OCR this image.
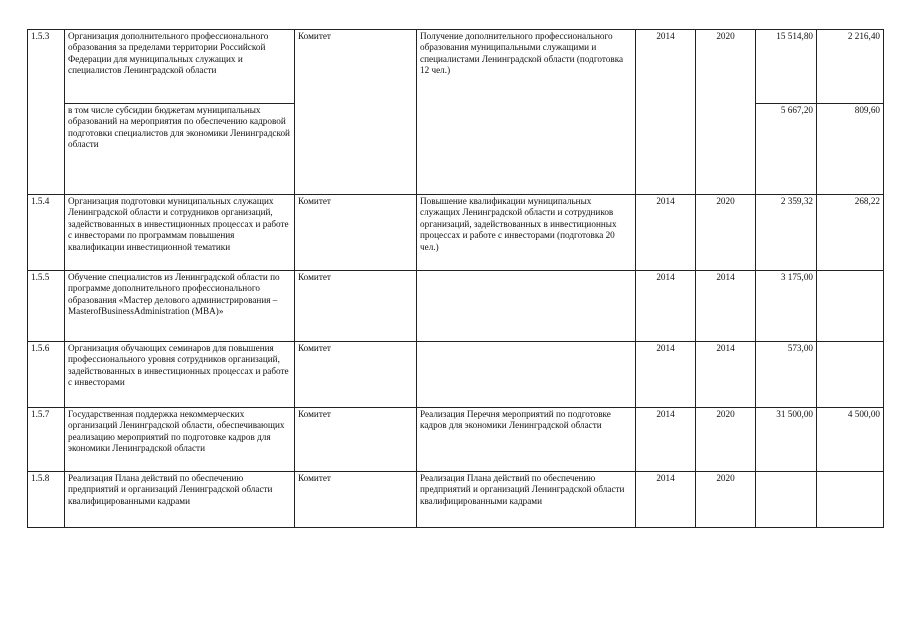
1.5.3	Организация дополнительного профессионального образования за пределами территории Российской Федерации для муниципальных служащих и специалистов Ленинградской области	Комитет	Получение дополнительного профессионального образования муниципальными служащими и специалистами Ленинградской области (подготовка 12 чел.)	2014	2020	15 514,80	2 216,40
	в том числе субсидии бюджетам муниципальных образований на мероприятия по обеспечению кадровой подготовки специалистов для экономики Ленинградской области					5 667,20	809,60
1.5.4	Организация подготовки муниципальных служащих Ленинградской области и сотрудников организаций, задействованных в инвестиционных процессах и работе с инвесторами по программам повышения квалификации инвестиционной тематики	Комитет	Повышение квалификации муниципальных служащих Ленинградской области и сотрудников организаций, задействованных в инвестиционных процессах и работе с инвесторами (подготовка 20 чел.)	2014	2020	2 359,32	268,22
1.5.5	Обучение специалистов из Ленинградской области по программе дополнительного профессионального образования «Мастер делового администрирования – MasterofBusinessAdministration (MBA)»	Комитет		2014	2014	3 175,00	
1.5.6	Организация обучающих семинаров для повышения профессионального уровня сотрудников организаций, задействованных в инвестиционных процессах и работе с инвесторами	Комитет		2014	2014	573,00	
1.5.7	Государственная поддержка некоммерческих организаций Ленинградской области, обеспечивающих реализацию мероприятий по подготовке кадров для экономики Ленинградской области	Комитет	Реализация Перечня мероприятий по подготовке кадров для экономики Ленинградской области	2014	2020	31 500,00	4 500,00
1.5.8	Реализация Плана действий по обеспечению предприятий и организаций Ленинградской области квалифицированными кадрами	Комитет	Реализация Плана действий по обеспечению предприятий и организаций Ленинградской области квалифицированными кадрами	2014	2020		
